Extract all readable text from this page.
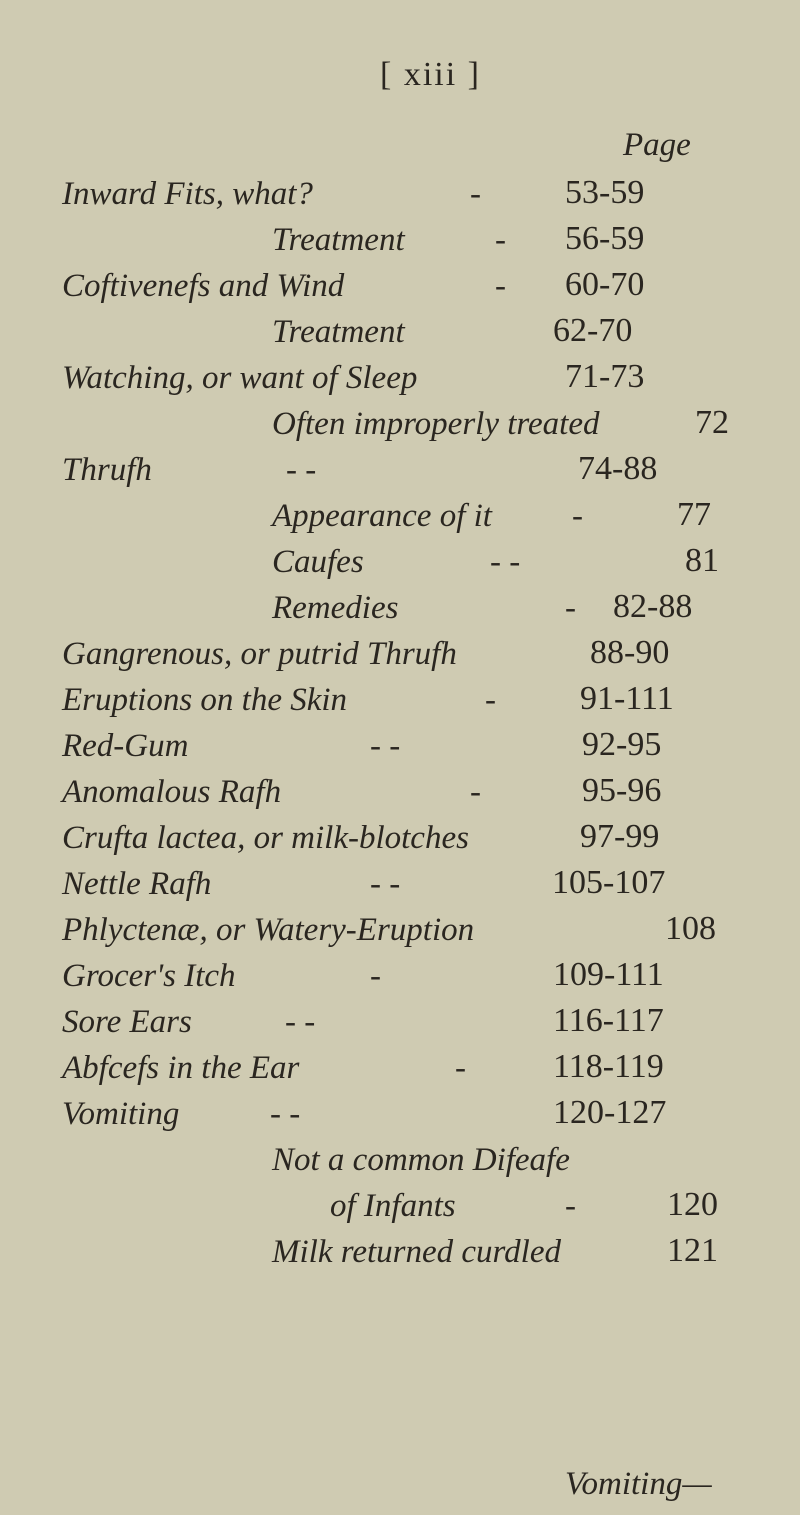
[ xiii ]
Page
Inward Fits, what?	- 53-59
Treatment	- 56-59
Coftivenefs and Wind	- 60-70
Treatment	62-70
Watching, or want of Sleep	71-73
Often improperly treated	72
Thrufh	- -	74-88
Appearance of it -	77
Caufes	- -	81
Remedies	- 82-88
Gangrenous, or putrid Thrufh	88-90
Eruptions on the Skin	- 91-111
Red-Gum	- -	92-95
Anomalous Rafh	-	95-96
Crufta lactea, or milk-blotches	97-99
Nettle Rafh	- -	105-107
Phlyctenæ, or Watery-Eruption	108
Grocer's Itch	-	109-111
Sore Ears	- -	116-117
Abfcefs in the Ear	-	118-119
Vomiting	- -	120-127
Not a common Difeafe
of Infants	-	120
Milk returned curdled	121
Vomiting—
